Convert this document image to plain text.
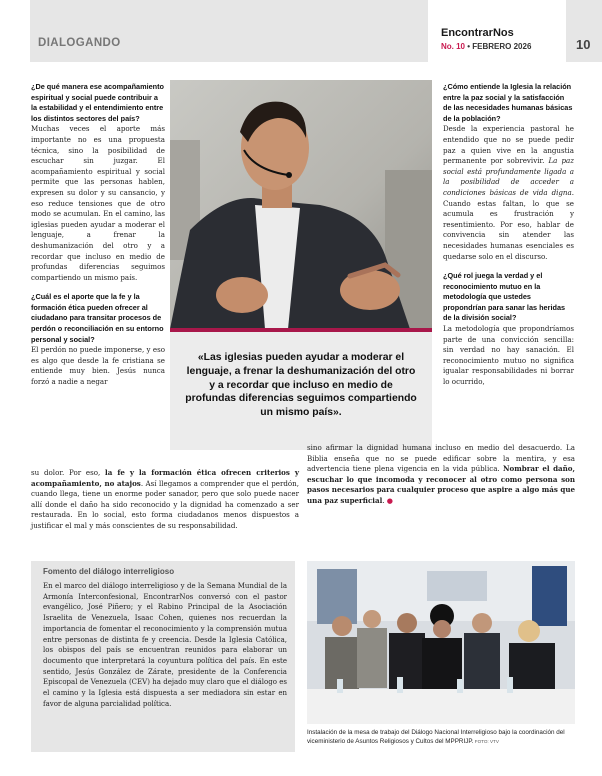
DIALOGANDO
EncontrarNos
No. 10 • FEBRERO 2026	10

¿De qué manera ese acompañamiento espiritual y social puede contribuir a la estabilidad y el entendimiento entre los distintos sectores del país?

Muchas veces el aporte más importante no es una propuesta técnica, sino la posibilidad de escuchar sin juzgar. El acompañamiento espiritual y social permite que las personas hablen, expresen su dolor y su cansancio, y eso reduce tensiones que de otro modo se acumulan. En el camino, las iglesias pueden ayudar a moderar el lenguaje, a frenar la deshumanización del otro y a recordar que incluso en medio de profundas diferencias seguimos compartiendo un mismo país.

¿Cuál es el aporte que la fe y la formación ética pueden ofrecer al ciudadano para transitar procesos de perdón o reconciliación en su entorno personal y social?

El perdón no puede imponerse, y eso es algo que desde la fe cristiana se entiende muy bien. Jesús nunca forzó a nadie a negar

«Las iglesias pueden ayudar a moderar el lenguaje, a frenar la deshumanización del otro y a recordar que incluso en medio de profundas diferencias seguimos compartiendo un mismo país».

¿Cómo entiende la Iglesia la relación entre la paz social y la satisfacción de las necesidades humanas básicas de la población?

Desde la experiencia pastoral he entendido que no se puede pedir paz a quien vive en la angustia permanente por sobrevivir. La paz social está profundamente ligada a la posibilidad de acceder a condiciones básicas de vida digna. Cuando estas faltan, lo que se acumula es frustración y resentimiento. Por eso, hablar de convivencia sin atender las necesidades humanas esenciales es quedarse solo en el discurso.

¿Qué rol juega la verdad y el reconocimiento mutuo en la metodología que ustedes propondrían para sanar las heridas de la división social?

La metodología que propondríamos parte de una convicción sencilla: sin verdad no hay sanación. El reconocimiento mutuo no significa igualar responsabilidades ni borrar lo ocurrido,

sino afirmar la dignidad humana incluso en medio del desacuerdo. La Biblia enseña que no se puede edificar sobre la mentira, y esa advertencia tiene plena vigencia en la vida pública. Nombrar el daño, escuchar lo que incomoda y reconocer al otro como persona son pasos necesarios para cualquier proceso que aspire a algo más que una paz superficial. ●

su dolor. Por eso, la fe y la formación ética ofrecen criterios y acompañamiento, no atajos. Así llegamos a comprender que el perdón, cuando llega, tiene un enorme poder sanador, pero que solo puede nacer allí donde el daño ha sido reconocido y la dignidad ha comenzado a ser restaurada. En lo social, esto forma ciudadanos menos dispuestos a justificar el mal y más conscientes de su responsabilidad.

Fomento del diálogo interreligioso

En el marco del diálogo interreligioso y de la Semana Mundial de la Armonía Interconfesional, EncontrarNos conversó con el pastor evangélico, José Piñero; y el Rabino Principal de la Asociación Israelita de Venezuela, Isaac Cohen, quienes nos recuerdan la importancia de fomentar el reconocimiento y la comprensión mutua entre personas de distinta fe y creencia. Desde la Iglesia Católica, los obispos del país se encuentran reunidos para elaborar un documento que interpretará la coyuntura política del país. En este sentido, Jesús González de Zárate, presidente de la Conferencia Episcopal de Venezuela (CEV) ha dejado muy claro que el diálogo es el camino y la Iglesia está dispuesta a ser mediadora sin estar en favor de alguna parcialidad política.

Instalación de la mesa de trabajo del Diálogo Nacional Interreligioso bajo la coordinación del viceministerio de Asuntos Religiosos y Cultos del MPPRIJP. FOTO: VTV
